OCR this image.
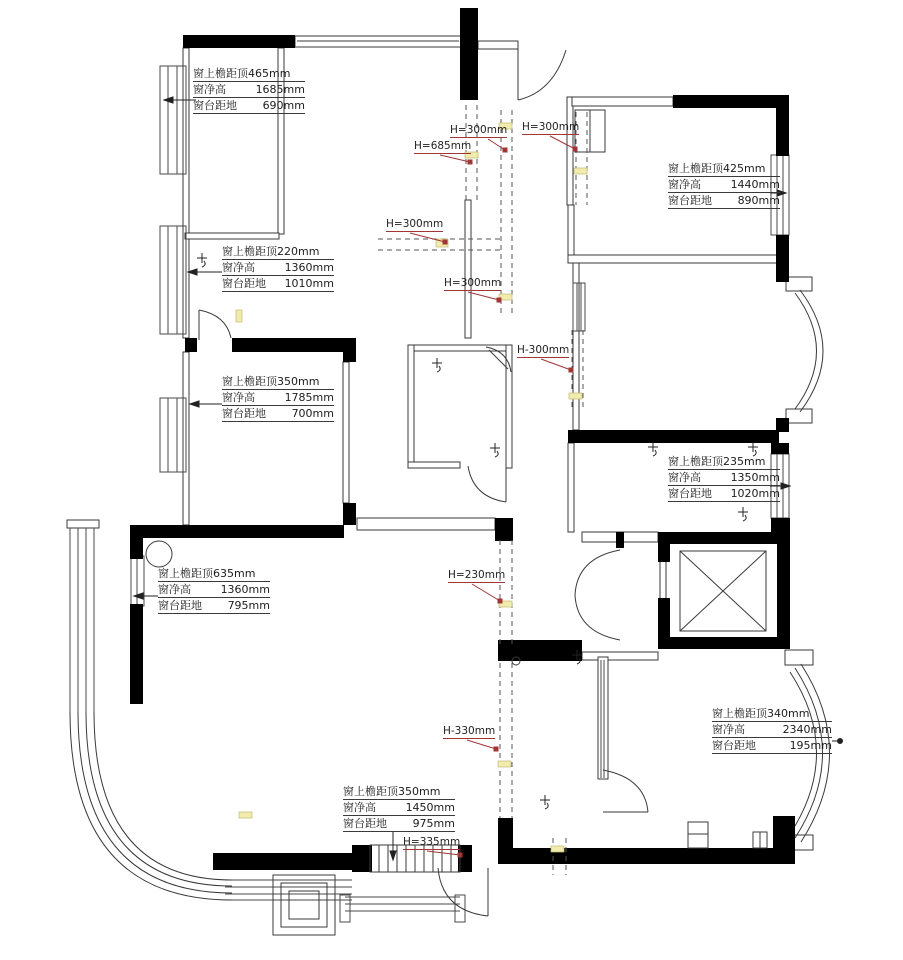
窗上檐距顶465mm
窗净高	1685mm
窗台距地 690mm
窗上檐距顶220mm
窗净高	1360mm
窗台距地 1010mm
窗上檐距顶350mm
窗净高	1785mm
窗台距地 700mm
窗上檐距顶425mm
窗净高	1440mm
窗台距地 890mm
窗上檐距顶235mm
窗净高	1350mm
窗台距地 1020mm
窗上檐距顶635mm
窗净高	1360mm
窗台距地 795mm
窗上檐距顶350mm
窗净高	1450mm
窗台距地 975mm
窗上檐距顶340mm
窗净高	2340mm
窗台距地	195mm
H=300mm H=300mm
H=685mm
H=300mm
H=300mm
H-300mm
H=230mm
H-330mm
H=335mm
